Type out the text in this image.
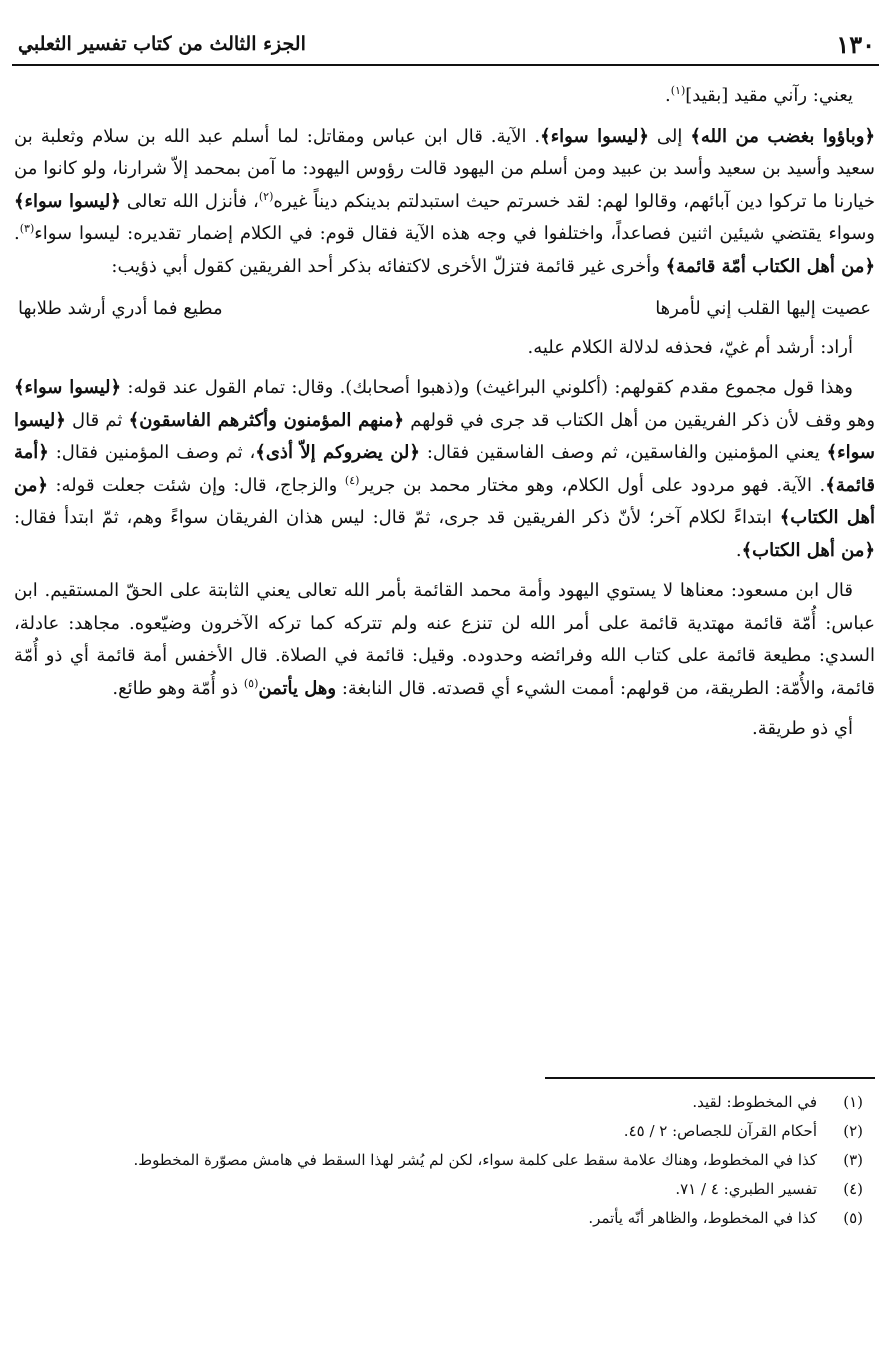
١٣٠
الجزء الثالث من كتاب تفسير الثعلبي

يعني: رآني مقيد [بقيد]$^{(١)}$.

﴿وباؤوا بغضب من الله﴾ إلى ﴿ليسوا سواء﴾. الآية. قال ابن عباس ومقاتل: لما أسلم عبد الله بن سلام وثعلبة بن سعيد وأسيد بن سعيد وأسد بن عبيد ومن أسلم من اليهود قالت رؤوس اليهود: ما آمن بمحمد إلاّ شرارنا، ولو كانوا من خيارنا ما تركوا دين آبائهم، وقالوا لهم: لقد خسرتم حيث استبدلتم بدينكم ديناً غيره$^{(٢)}$، فأنزل الله تعالى ﴿ليسوا سواء﴾ وسواء يقتضي شيئين اثنين فصاعداً، واختلفوا في وجه هذه الآية فقال قوم: في الكلام إضمار تقديره: ليسوا سواء$^{(٣)}$. ﴿من أهل الكتاب أمّة قائمة﴾ وأخرى غير قائمة فتزلّ الأخرى لاكتفائه بذكر أحد الفريقين كقول أبي ذؤيب:

عصيت إليها القلب إني لأمرها
مطيع فما أدري أرشد طلابها

أراد: أرشد أم غيّ، فحذفه لدلالة الكلام عليه.

وهذا قول مجموع مقدم كقولهم: (أكلوني البراغيث) و(ذهبوا أصحابك). وقال: تمام القول عند قوله: ﴿ليسوا سواء﴾ وهو وقف لأن ذكر الفريقين من أهل الكتاب قد جرى في قولهم ﴿منهم المؤمنون وأكثرهم الفاسقون﴾ ثم قال ﴿ليسوا سواء﴾ يعني المؤمنين والفاسقين، ثم وصف الفاسقين فقال: ﴿لن يضروكم إلاّ أذى﴾، ثم وصف المؤمنين فقال: ﴿أمة قائمة﴾. الآية. فهو مردود على أول الكلام، وهو مختار محمد بن جرير$^{(٤)}$ والزجاج، قال: وإن شئت جعلت قوله: ﴿من أهل الكتاب﴾ ابتداءً لكلام آخر؛ لأنّ ذكر الفريقين قد جرى، ثمّ قال: ليس هذان الفريقان سواءً وهم، ثمّ ابتدأ فقال: ﴿من أهل الكتاب﴾.

قال ابن مسعود: معناها لا يستوي اليهود وأمة محمد القائمة بأمر الله تعالى يعني الثابتة على الحقّ المستقيم. ابن عباس: أُمّة قائمة مهتدية قائمة على أمر الله لن تنزع عنه ولم تتركه كما تركه الآخرون وضيّعوه. مجاهد: عادلة، السدي: مطيعة قائمة على كتاب الله وفرائضه وحدوده. وقيل: قائمة في الصلاة. قال الأخفس أمة قائمة أي ذو أُمّة قائمة، والأُمّة: الطريقة، من قولهم: أممت الشيء أي قصدته. قال النابغة: وهل يأتمن$^{(٥)}$ ذو أُمّة وهو طائع.

أي ذو طريقة.

(١)
في المخطوط: لقيد.

(٢)
أحكام القرآن للجصاص: ٢ / ٤٥.

(٣)
كذا في المخطوط، وهناك علامة سقط على كلمة سواء، لكن لم يُشر لهذا السقط في هامش مصوّرة المخطوط.

(٤)
تفسير الطبري: ٤ / ٧١.

(٥)
كذا في المخطوط، والظاهر أنّه يأتمر.
